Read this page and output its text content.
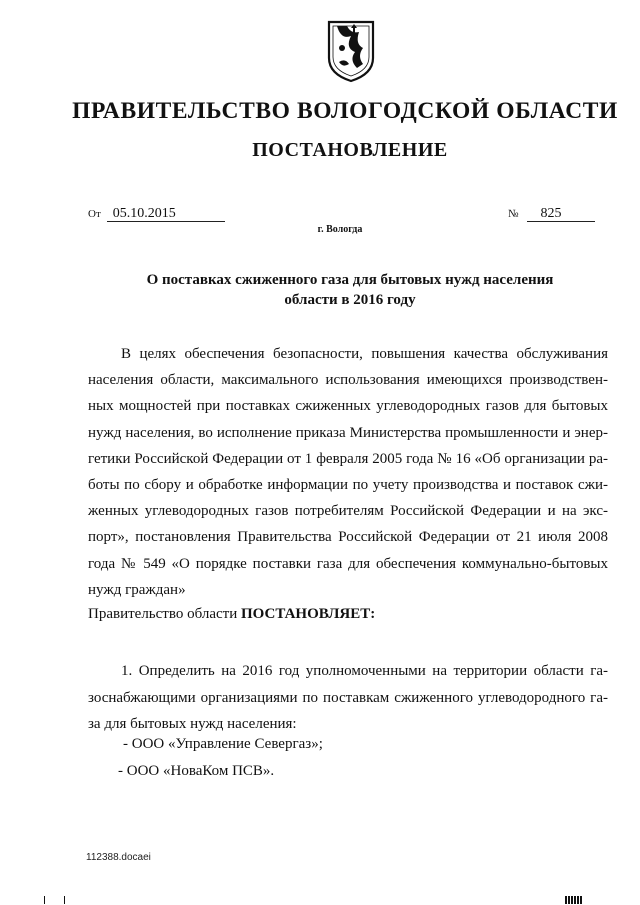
ПРАВИТЕЛЬСТВО ВОЛОГОДСКОЙ ОБЛАСТИ
ПОСТАНОВЛЕНИЕ
От 05.10.2015	№ 825
г. Вологда
О поставках сжиженного газа для бытовых нужд населения
области в 2016 году
В целях обеспечения безопасности, повышения качества обслуживания
населения области, максимального использования имеющихся производствен-
ных мощностей при поставках сжиженных углеводородных газов для бытовых
нужд населения, во исполнение приказа Министерства промышленности и энер-
гетики Российской Федерации от 1 февраля 2005 года № 16 «Об организации ра-
боты по сбору и обработке информации по учету производства и поставок сжи-
женных углеводородных газов потребителям Российской Федерации и на экс-
порт», постановления Правительства Российской Федерации от 21 июля 2008
года № 549 «О порядке поставки газа для обеспечения коммунально-бытовых
нужд граждан»
Правительство области ПОСТАНОВЛЯЕТ:
1. Определить на 2016 год уполномоченными на территории области га-
зоснабжающими организациями по поставкам сжиженного углеводородного га-
за для бытовых нужд населения:
- ООО «Управление Севергаз»;
- ООО «НоваКом ПСВ».
112388.docaei
